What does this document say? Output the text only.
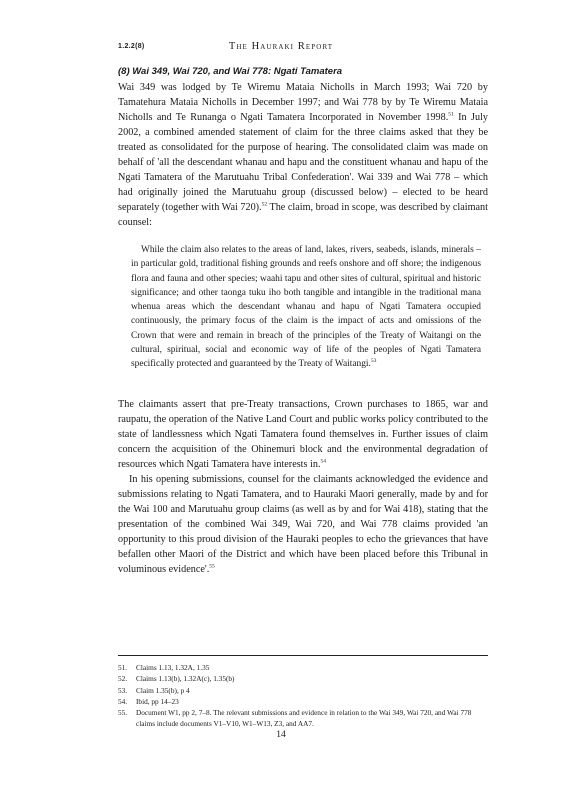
1.2.2(8)	The Hauraki Report
(8) Wai 349, Wai 720, and Wai 778: Ngati Tamatera

Wai 349 was lodged by Te Wiremu Mataia Nicholls in March 1993; Wai 720 by Tamatehura Mataia Nicholls in December 1997; and Wai 778 by by Te Wiremu Mataia Nicholls and Te Runanga o Ngati Tamatera Incorporated in November 1998.51 In July 2002, a combined amended statement of claim for the three claims asked that they be treated as consolidated for the purpose of hearing. The consolidated claim was made on behalf of 'all the descendant whanau and hapu and the constituent whanau and hapu of the Ngati Tamatera of the Marutuahu Tribal Confederation'. Wai 339 and Wai 778 – which had originally joined the Marutuahu group (discussed below) – elected to be heard separately (together with Wai 720).$^{52}$ The claim, broad in scope, was described by claimant counsel:

While the claim also relates to the areas of land, lakes, rivers, seabeds, islands, minerals – in particular gold, traditional fishing grounds and reefs onshore and off shore; the indigenous flora and fauna and other species; waahi tapu and other sites of cultural, spiritual and historic significance; and other taonga tuku iho both tangible and intangible in the traditional mana whenua areas which the descendant whanau and hapu of Ngati Tamatera occupied continuously, the primary focus of the claim is the impact of acts and omissions of the Crown that were and remain in breach of the principles of the Treaty of Waitangi on the cultural, spiritual, social and economic way of life of the peoples of Ngati Tamatera specifically protected and guaranteed by the Treaty of Waitangi.$^{53}$

The claimants assert that pre-Treaty transactions, Crown purchases to 1865, war and raupatu, the operation of the Native Land Court and public works policy contributed to the state of landlessness which Ngati Tamatera found themselves in. Further issues of claim concern the acquisition of the Ohinemuri block and the environmental degradation of resources which Ngati Tamatera have interests in.$^{54}$

In his opening submissions, counsel for the claimants acknowledged the evidence and submissions relating to Ngati Tamatera, and to Hauraki Maori generally, made by and for the Wai 100 and Marutuahu group claims (as well as by and for Wai 418), stating that the presentation of the combined Wai 349, Wai 720, and Wai 778 claims provided 'an opportunity to this proud division of the Hauraki peoples to echo the grievances that have befallen other Maori of the District and which have been placed before this Tribunal in voluminous evidence'.$^{55}$

51.	Claims 1.13, 1.32A, 1.35
52.	Claims 1.13(b), 1.32A(c), 1.35(b)
53.	Claim 1.35(b), p 4
54.	Ibid, pp 14–23
55.	Document W1, pp 2, 7–8. The relevant submissions and evidence in relation to the Wai 349, Wai 720, and Wai 778 claims include documents V1–V10, W1–W13, Z3, and AA7.
14
